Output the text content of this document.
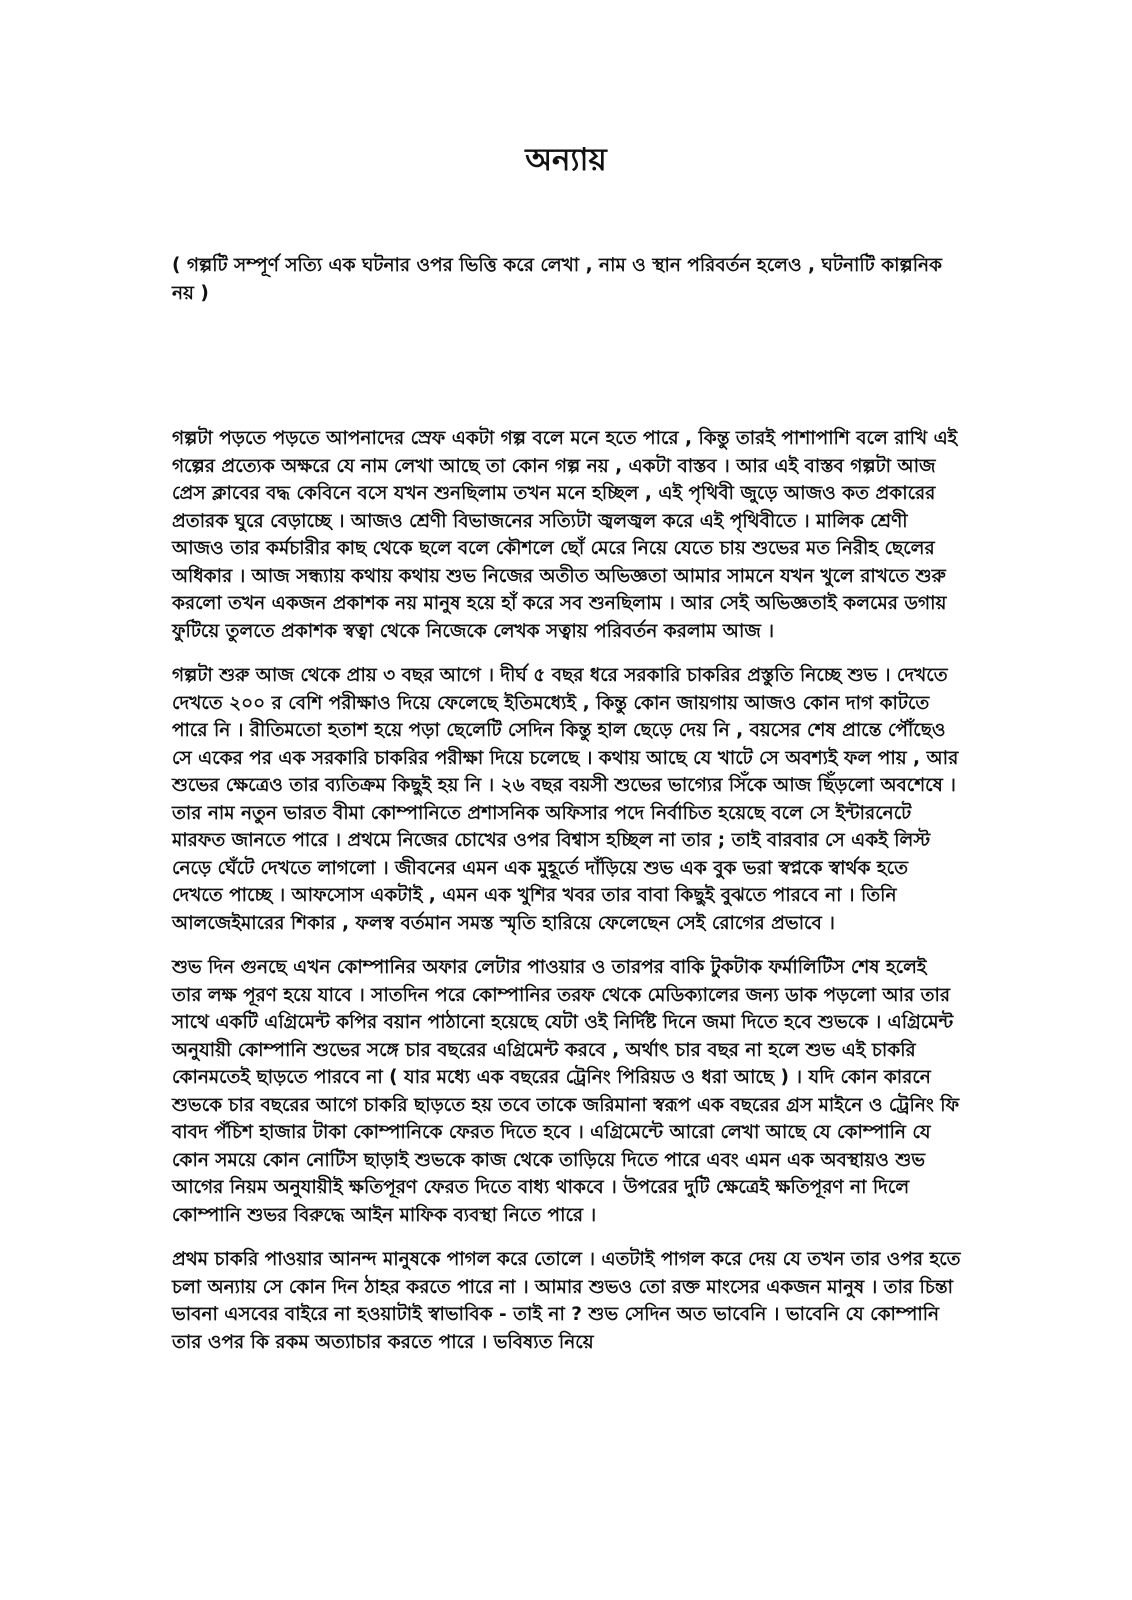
অন্যায়

( গল্পটি সম্পূর্ণ সত্যি এক ঘটনার ওপর ভিত্তি করে লেখা , নাম ও স্থান পরিবর্তন হলেও , ঘটনাটি কাল্পনিক নয় )

গল্পটা পড়তে পড়তে আপনাদের স্রেফ একটা গল্প বলে মনে হতে পারে , কিন্তু তারই পাশাপাশি বলে রাখি এই গল্পের প্রত্যেক অক্ষরে যে নাম লেখা আছে তা কোন গল্প নয় , একটা বাস্তব । আর এই বাস্তব গল্পটা আজ প্রেস ক্লাবের বদ্ধ কেবিনে বসে যখন শুনছিলাম তখন মনে হচ্ছিল , এই পৃথিবী জুড়ে আজও কত প্রকারের প্রতারক ঘুরে বেড়াচ্ছে । আজও শ্রেণী বিভাজনের সত্যিটা জ্বলজ্বল করে এই পৃথিবীতে । মালিক শ্রেণী আজও তার কর্মচারীর কাছ থেকে ছলে বলে কৌশলে ছোঁ মেরে নিয়ে যেতে চায় শুভের মত নিরীহ ছেলের অধিকার । আজ সন্ধ্যায় কথায় কথায় শুভ নিজের অতীত অভিজ্ঞতা আমার সামনে যখন খুলে রাখতে শুরু করলো তখন একজন প্রকাশক নয় মানুষ হয়ে হাঁ করে সব শুনছিলাম । আর সেই অভিজ্ঞতাই কলমের ডগায় ফুটিয়ে তুলতে প্রকাশক স্বত্বা থেকে নিজেকে লেখক সত্বায় পরিবর্তন করলাম আজ ।

গল্পটা শুরু আজ থেকে প্রায় ৩ বছর আগে । দীর্ঘ ৫ বছর ধরে সরকারি চাকরির প্রস্তুতি নিচ্ছে শুভ । দেখতে দেখতে ২০০ র বেশি পরীক্ষাও দিয়ে ফেলেছে ইতিমধ্যেই , কিন্তু কোন জায়গায় আজও কোন দাগ কাটতে পারে নি । রীতিমতো হতাশ হয়ে পড়া ছেলেটি সেদিন কিন্তু হাল ছেড়ে দেয় নি , বয়সের শেষ প্রান্তে পৌঁছেও সে একের পর এক সরকারি চাকরির পরীক্ষা দিয়ে চলেছে । কথায় আছে যে খাটে সে অবশ্যই ফল পায় , আর শুভের ক্ষেত্রেও তার ব্যতিক্রম কিছুই হয় নি । ২৬ বছর বয়সী শুভের ভাগ্যের সিঁকে আজ ছিঁড়লো অবশেষে । তার নাম নতুন ভারত বীমা কোম্পানিতে প্রশাসনিক অফিসার পদে নির্বাচিত হয়েছে বলে সে ইন্টারনেটে মারফত জানতে পারে । প্রথমে নিজের চোখের ওপর বিশ্বাস হচ্ছিল না তার ; তাই বারবার সে একই লিস্ট নেড়ে ঘেঁটে দেখতে লাগলো । জীবনের এমন এক মুহূর্তে দাঁড়িয়ে শুভ এক বুক ভরা স্বপ্নকে স্বার্থক হতে দেখতে পাচ্ছে । আফসোস একটাই , এমন এক খুশির খবর তার বাবা কিছুই বুঝতে পারবে না । তিনি আলজেইমারের শিকার , ফলস্ব বর্তমান সমস্ত স্মৃতি হারিয়ে ফেলেছেন সেই রোগের প্রভাবে ।

শুভ দিন গুনছে এখন কোম্পানির অফার লেটার পাওয়ার ও তারপর বাকি টুকটাক ফর্মালিটিস শেষ হলেই তার লক্ষ পূরণ হয়ে যাবে । সাতদিন পরে কোম্পানির তরফ থেকে মেডিক্যালের জন্য ডাক পড়লো আর তার সাথে একটি এগ্রিমেন্ট কপির বয়ান পাঠানো হয়েছে যেটা ওই নির্দিষ্ট দিনে জমা দিতে হবে শুভকে । এগ্রিমেন্ট অনুযায়ী কোম্পানি শুভের সঙ্গে চার বছরের এগ্রিমেন্ট করবে , অর্থাৎ চার বছর না হলে শুভ এই চাকরি কোনমতেই ছাড়তে পারবে না ( যার মধ্যে এক বছরের ট্রেনিং পিরিয়ড ও ধরা আছে ) । যদি কোন কারনে শুভকে চার বছরের আগে চাকরি ছাড়তে হয় তবে তাকে জরিমানা স্বরূপ এক বছরের গ্রস মাইনে ও ট্রেনিং ফি বাবদ পঁচিশ হাজার টাকা কোম্পানিকে ফেরত দিতে হবে । এগ্রিমেন্টে আরো লেখা আছে যে কোম্পানি যে কোন সময়ে কোন নোটিস ছাড়াই শুভকে কাজ থেকে তাড়িয়ে দিতে পারে এবং এমন এক অবস্থায়ও শুভ আগের নিয়ম অনুযায়ীই ক্ষতিপূরণ ফেরত দিতে বাধ্য থাকবে । উপরের দুটি ক্ষেত্রেই ক্ষতিপূরণ না দিলে কোম্পানি শুভর বিরুদ্ধে আইন মাফিক ব্যবস্থা নিতে পারে ।

প্রথম চাকরি পাওয়ার আনন্দ মানুষকে পাগল করে তোলে । এতটাই পাগল করে দেয় যে তখন তার ওপর হতে চলা অন্যায় সে কোন দিন ঠাহর করতে পারে না । আমার শুভও তো রক্ত মাংসের একজন মানুষ । তার চিন্তা ভাবনা এসবের বাইরে না হওয়াটাই স্বাভাবিক - তাই না ? শুভ সেদিন অত ভাবেনি । ভাবেনি যে কোম্পানি তার ওপর কি রকম অত্যাচার করতে পারে । ভবিষ্যত নিয়ে
